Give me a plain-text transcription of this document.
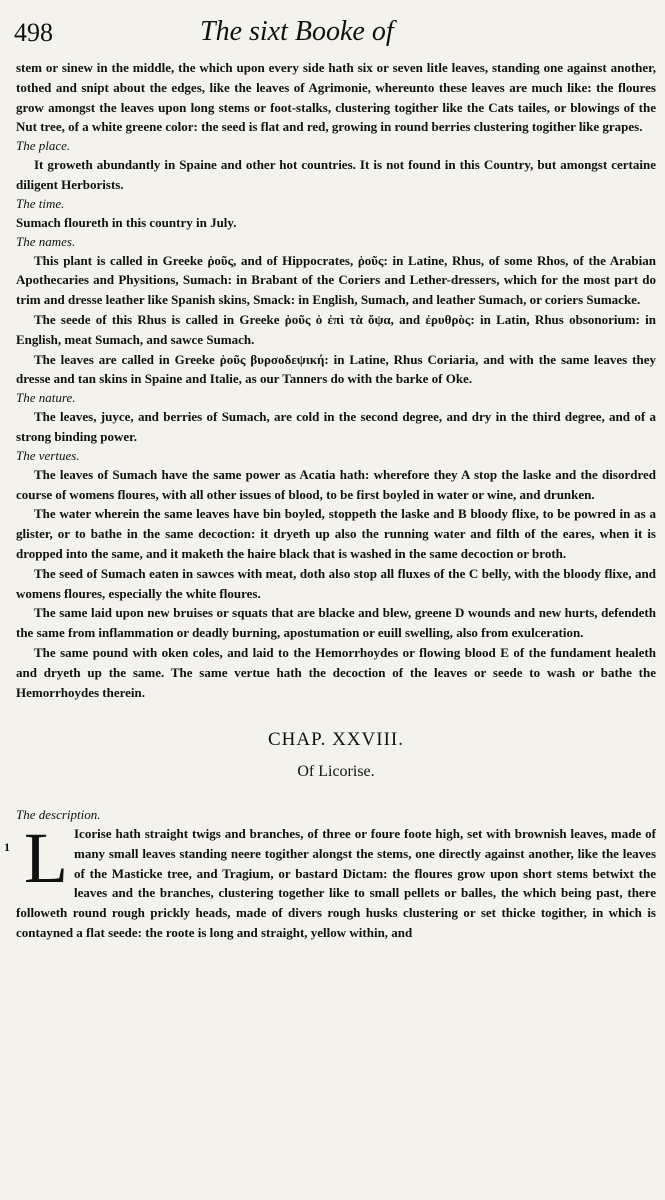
498	The sixt Booke of

stem or sinew in the middle, the which upon every side hath six or seven litle leaves, standing one against another, tothed and snipt about the edges, like the leaves of Agrimonie, whereunto these leaves are much like: the floures grow amongst the leaves upon long stems or foot-stalks, clustering togither like the Cats tailes, or blowings of the Nut tree, of a white greene color: the seed is flat and red, growing in round berries clustering togither like grapes.

The place.

It groweth abundantly in Spaine and other hot countries. It is not found in this Country, but amongst certaine diligent Herborists.

The time.

Sumach floureth in this country in July.

The names.

This plant is called in Greeke ῥοῦς, and of Hippocrates, ῥοῦς: in Latine, Rhus, of some Rhos, of the Arabian Apothecaries and Physitions, Sumach: in Brabant of the Coriers and Lether-dressers, which for the most part do trim and dresse leather like Spanish skins, Smack: in English, Sumach, and leather Sumach, or coriers Sumacke.

The seede of this Rhus is called in Greeke ῥοῦς ὁ ἐπὶ τὰ ὄψα, and ἐρυθρὸς: in Latin, Rhus obsonorium: in English, meat Sumach, and sawce Sumach.

The leaves are called in Greeke ῥοῦς βυρσοδεψική: in Latine, Rhus Coriaria, and with the same leaves they dresse and tan skins in Spaine and Italie, as our Tanners do with the barke of Oke.

The nature.

The leaves, juyce, and berries of Sumach, are cold in the second degree, and dry in the third degree, and of a strong binding power.

The vertues.

The leaves of Sumach have the same power as Acatia hath: wherefore they A stop the laske and the disordred course of womens floures, with all other issues of blood, to be first boyled in water or wine, and drunken.

The water wherein the same leaves have bin boyled, stoppeth the laske and B bloody flixe, to be powred in as a glister, or to bathe in the same decoction: it dryeth up also the running water and filth of the eares, when it is dropped into the same, and it maketh the haire black that is washed in the same decoction or broth.

The seed of Sumach eaten in sawces with meat, doth also stop all fluxes of the C belly, with the bloody flixe, and womens floures, especially the white floures.

The same laid upon new bruises or squats that are blacke and blew, greene D wounds and new hurts, defendeth the same from inflammation or deadly burning, apostumation or euill swelling, also from exulceration.

The same pound with oken coles, and laid to the Hemorrhoydes or flowing blood E of the fundament healeth and dryeth up the same. The same vertue hath the decoction of the leaves or seede to wash or bathe the Hemorrhoydes therein.

CHAP. XXVIII.
Of Licorise.

The description.

1 L Icorise hath straight twigs and branches, of three or foure foote high, set with brownish leaves, made of many small leaves standing neere togither alongst the stems, one directly against another, like the leaves of the Masticke tree, and Tragium, or bastard Dictam: the floures grow upon short stems betwixt the leaves and the branches, clustering together like to small pellets or balles, the which being past, there followeth round rough prickly heads, made of divers rough husks clustering or set thicke togither, in which is contayned a flat seede: the roote is long and straight, yellow within, and
